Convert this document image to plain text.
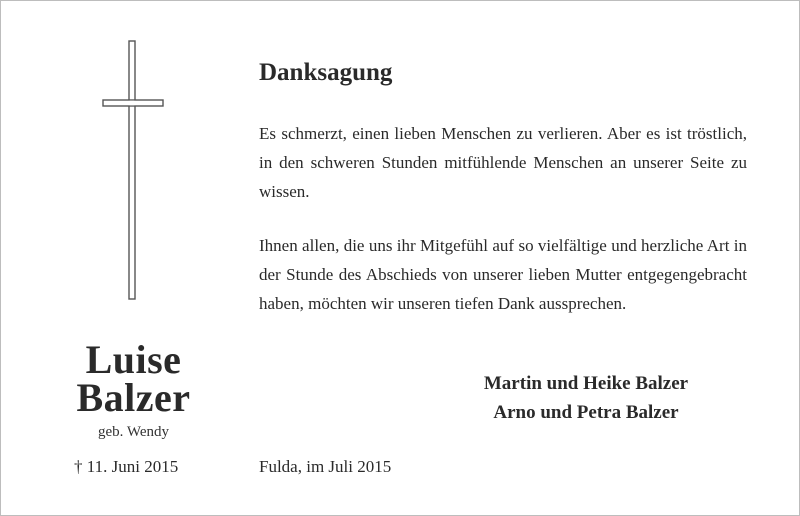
Luise
Balzer
geb. Wendy
† 11. Juni 2015
Danksagung
Es schmerzt, einen lieben Menschen zu verlieren. Aber es ist tröstlich, in den schweren Stunden mitfühlende Menschen an unserer Seite zu wissen.
Ihnen allen, die uns ihr Mitgefühl auf so vielfältige und herzliche Art in der Stunde des Abschieds von unserer lieben Mutter entgegengebracht haben, möchten wir unseren tiefen Dank aussprechen.
Martin und Heike Balzer
Arno und Petra Balzer
Fulda, im Juli 2015
